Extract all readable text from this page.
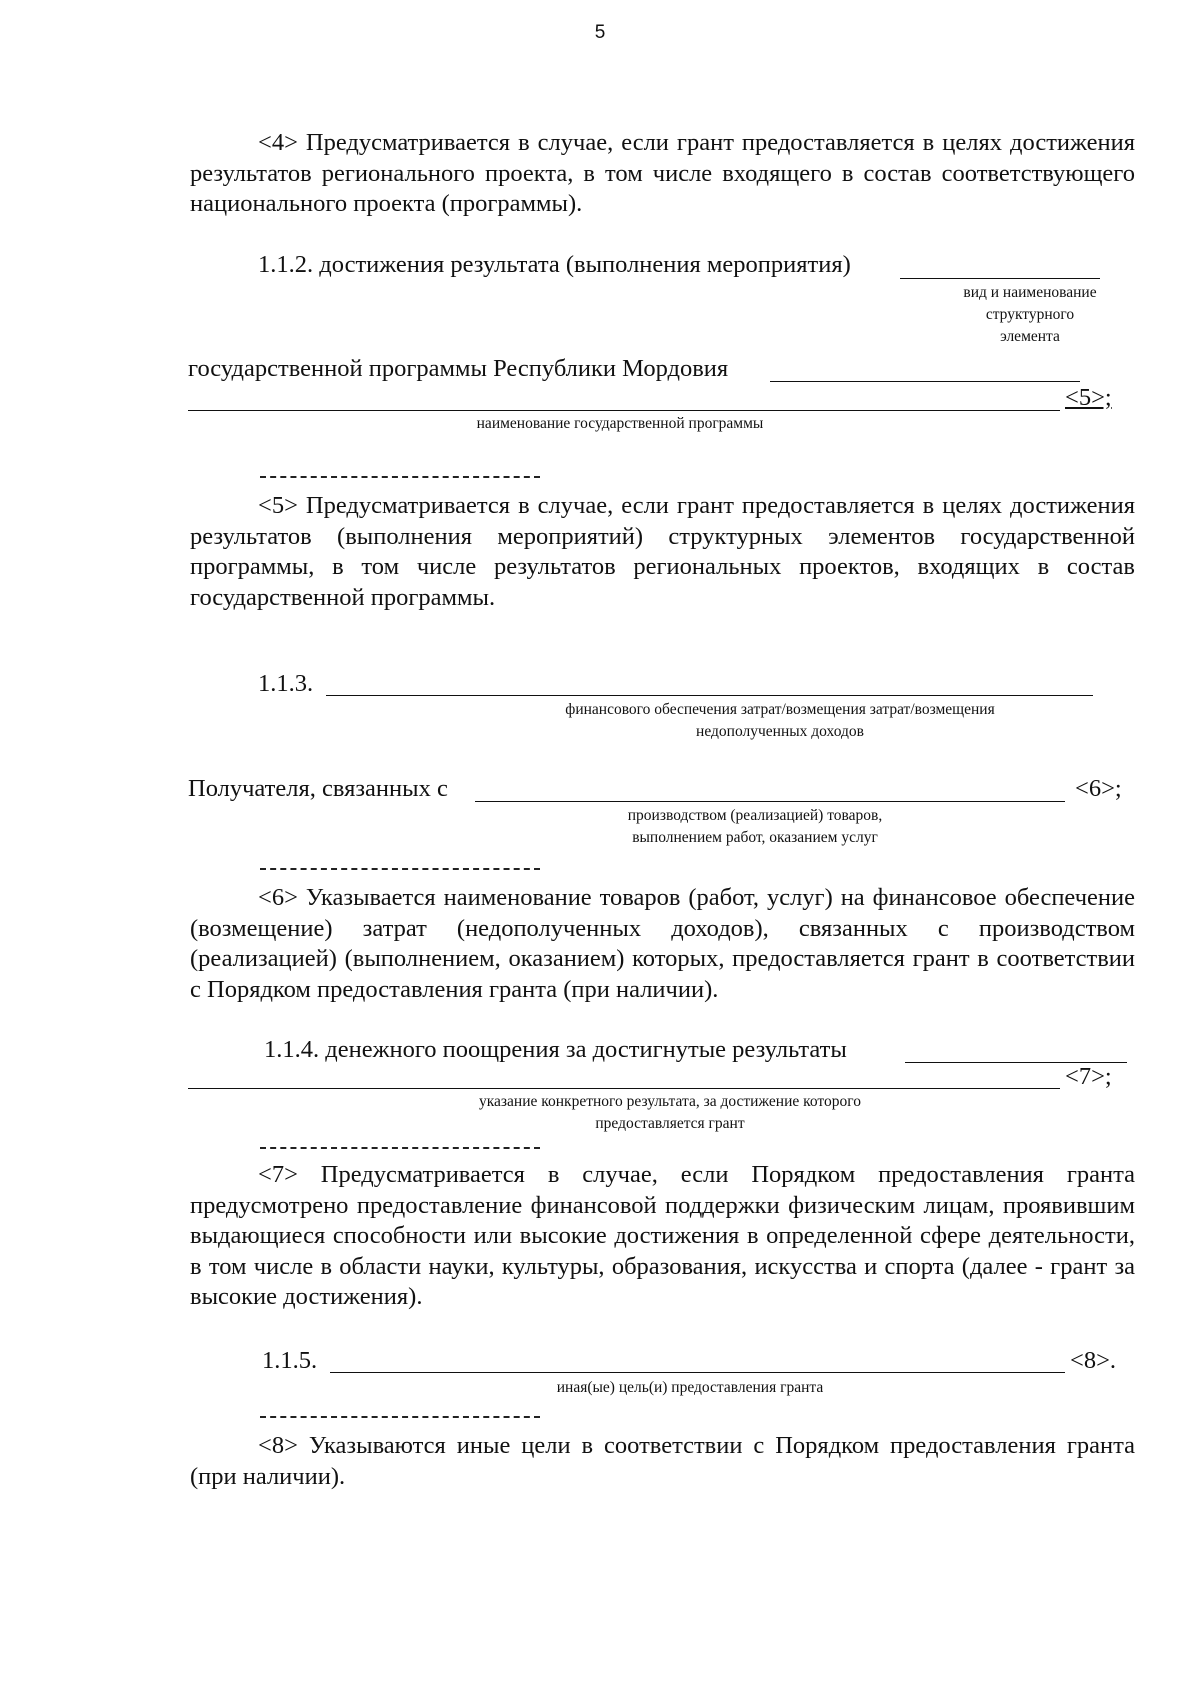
5
<4> Предусматривается в случае, если грант предоставляется в целях достижения результатов регионального проекта, в том числе входящего в состав соответствующего национального проекта (программы).
1.1.2. достижения результата (выполнения мероприятия)
вид и наименование
структурного
элемента
государственной программы Республики Мордовия
<5>;
наименование государственной программы
<5> Предусматривается в случае, если грант предоставляется в целях достижения результатов (выполнения мероприятий) структурных элементов государственной программы, в том числе результатов региональных проектов, входящих в состав государственной программы.
1.1.3.
финансового обеспечения затрат/возмещения затрат/возмещения
недополученных доходов
Получателя, связанных с	<6>;
производством (реализацией) товаров,
выполнением работ, оказанием услуг
<6> Указывается наименование товаров (работ, услуг) на финансовое обеспечение (возмещение) затрат (недополученных доходов), связанных с производством (реализацией) (выполнением, оказанием) которых, предоставляется грант в соответствии с Порядком предоставления гранта (при наличии).
1.1.4. денежного поощрения за достигнутые результаты
<7>;
указание конкретного результата, за достижение которого
предоставляется грант
<7> Предусматривается в случае, если Порядком предоставления гранта предусмотрено предоставление финансовой поддержки физическим лицам, проявившим выдающиеся способности или высокие достижения в определенной сфере деятельности, в том числе в области науки, культуры, образования, искусства и спорта (далее - грант за высокие достижения).
1.1.5.	<8>.
иная(ые) цель(и) предоставления гранта
<8> Указываются иные цели в соответствии с Порядком предоставления гранта (при наличии).
